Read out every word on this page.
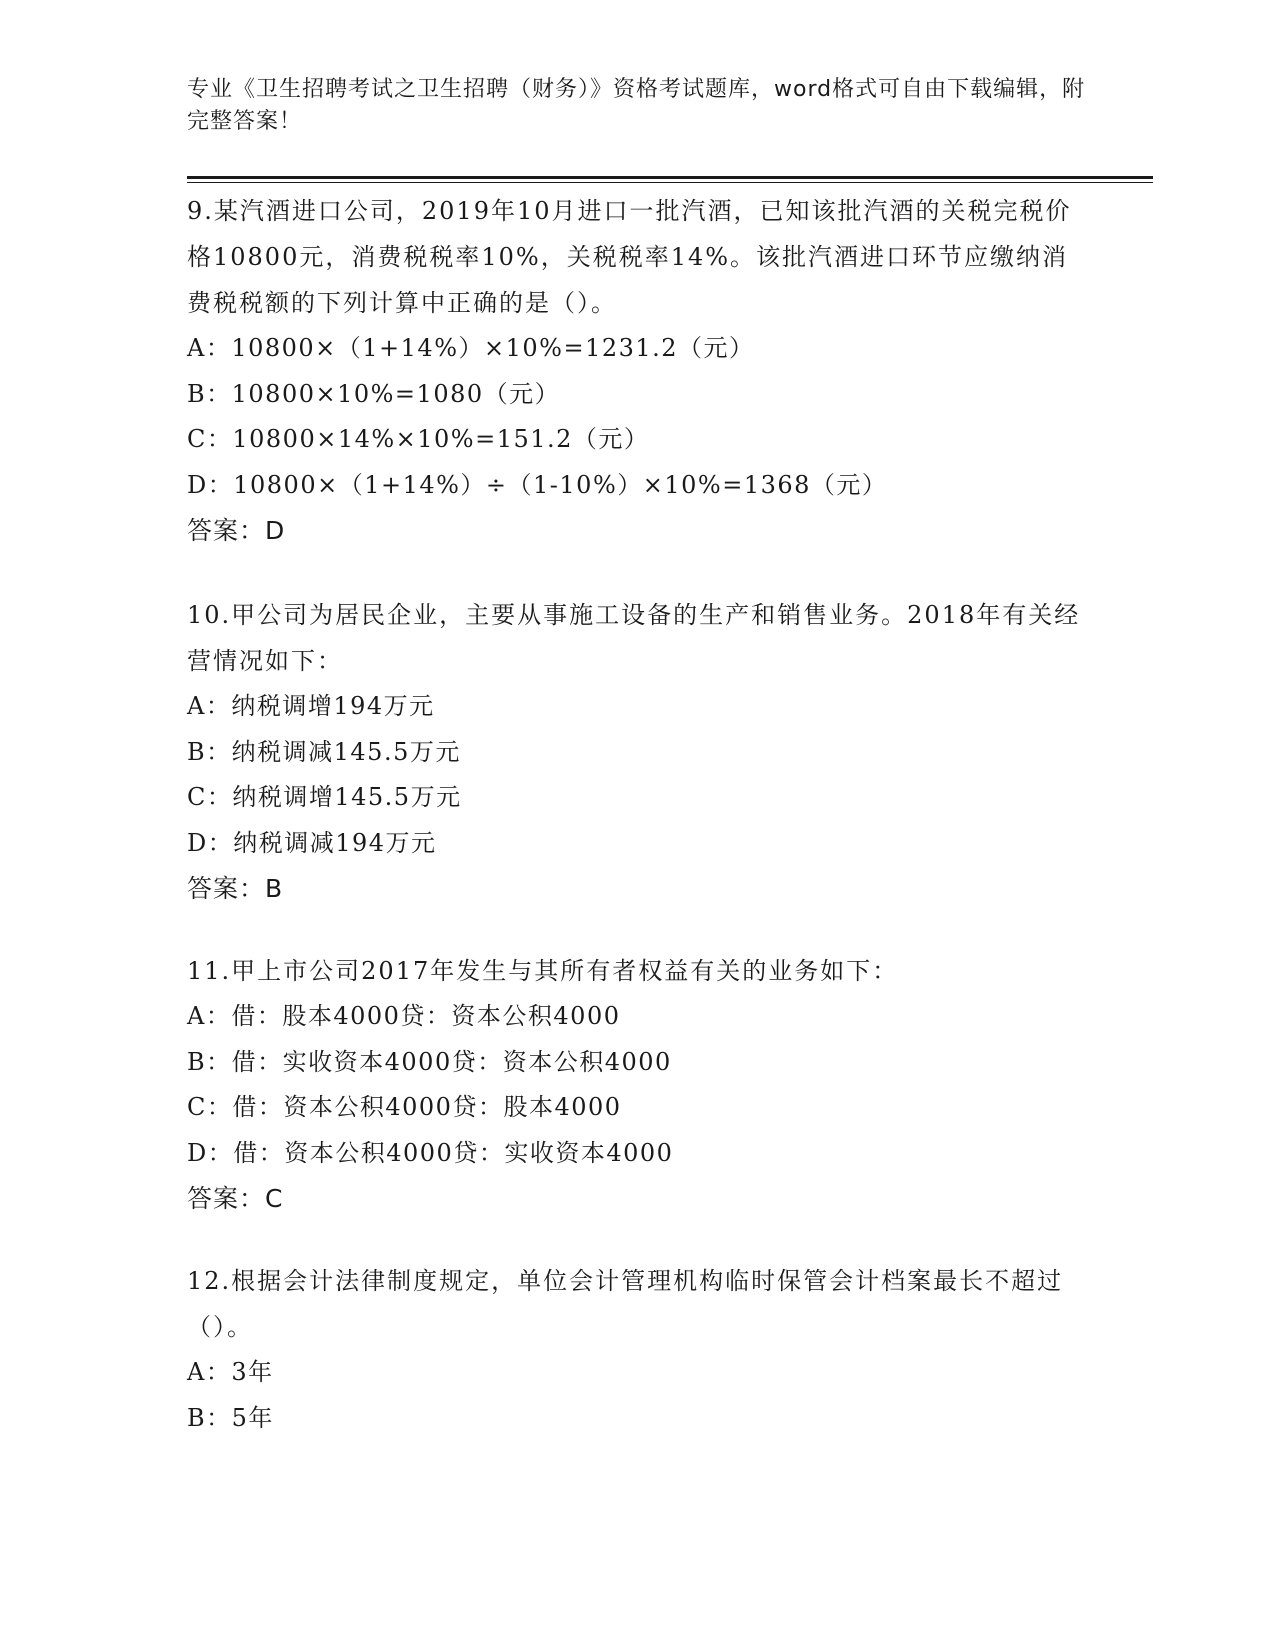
专业《卫生招聘考试之卫生招聘（财务）》资格考试题库，word格式可自由下载编辑，附完整答案！
9.某汽酒进口公司，2019年10月进口一批汽酒，已知该批汽酒的关税完税价格10800元，消费税税率10%，关税税率14%。该批汽酒进口环节应缴纳消费税税额的下列计算中正确的是（）。
A：10800×（1+14%）×10%=1231.2（元）
B：10800×10%=1080（元）
C：10800×14%×10%=151.2（元）
D：10800×（1+14%）÷（1-10%）×10%=1368（元）
答案：D
10.甲公司为居民企业，主要从事施工设备的生产和销售业务。2018年有关经营情况如下：
A：纳税调增194万元
B：纳税调减145.5万元
C：纳税调增145.5万元
D：纳税调减194万元
答案：B
11.甲上市公司2017年发生与其所有者权益有关的业务如下：
A：借：股本4000贷：资本公积4000
B：借：实收资本4000贷：资本公积4000
C：借：资本公积4000贷：股本4000
D：借：资本公积4000贷：实收资本4000
答案：C
12.根据会计法律制度规定，单位会计管理机构临时保管会计档案最长不超过（）。
A：3年
B：5年
